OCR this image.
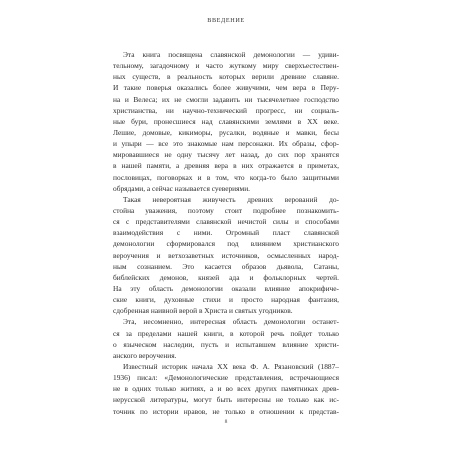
ВВЕДЕНИЕ
Эта книга посвящена славянской демонологии — удиви-
тельному, загадочному и часто жуткому миру сверхъестествен-
ных существ, в реальность которых верили древние славяне.
И такие поверья оказались более живучими, чем вера в Перу-
на и Велеса; их не смогли задавить ни тысячелетнее господство
христианства, ни научно-технический прогресс, ни социаль-
ные бури, пронесшиеся над славянскими землями в XX веке.
Лешие, домовые, кикиморы, русалки, водяные и мавки, бесы
и упыри — все это знакомые нам персонажи. Их образы, сфор-
мировавшиеся не одну тысячу лет назад, до сих пор хранятся
в нашей памяти, а древняя вера в них отражается в приметах,
пословицах, поговорках и в том, что когда-то было защитными
обрядами, а сейчас называется суевериями.
Такая невероятная живучесть древних верований до-
стойна уважения, поэтому стоит подробнее познакомить-
ся с представителями славянской нечистой силы и способами
взаимодействия с ними. Огромный пласт славянской
демонологии сформировался под влиянием христианского
вероучения и ветхозаветных источников, осмысленных народ-
ным сознанием. Это касается образов дьявола, Сатаны,
библейских демонов, князей ада и фольклорных чертей.
На эту область демонологии оказали влияние апокрифиче-
ские книги, духовные стихи и просто народная фантазия,
сдобренная наивной верой в Христа и святых угодников.
Эта, несомненно, интересная область демонологии останет-
ся за пределами нашей книги, в которой речь пойдет только
о языческом наследии, пусть и испытавшем влияние христи-
анского вероучения.
Известный историк начала XX века Ф. А. Рязановский (1887–
1936) писал: «Демонологические представления, встречающиеся
не в одних только житиях, а и во всех других памятниках древ-
нерусской литературы, могут быть интересны не только как ис-
точник по истории нравов, не только в отношении к представ-
8
